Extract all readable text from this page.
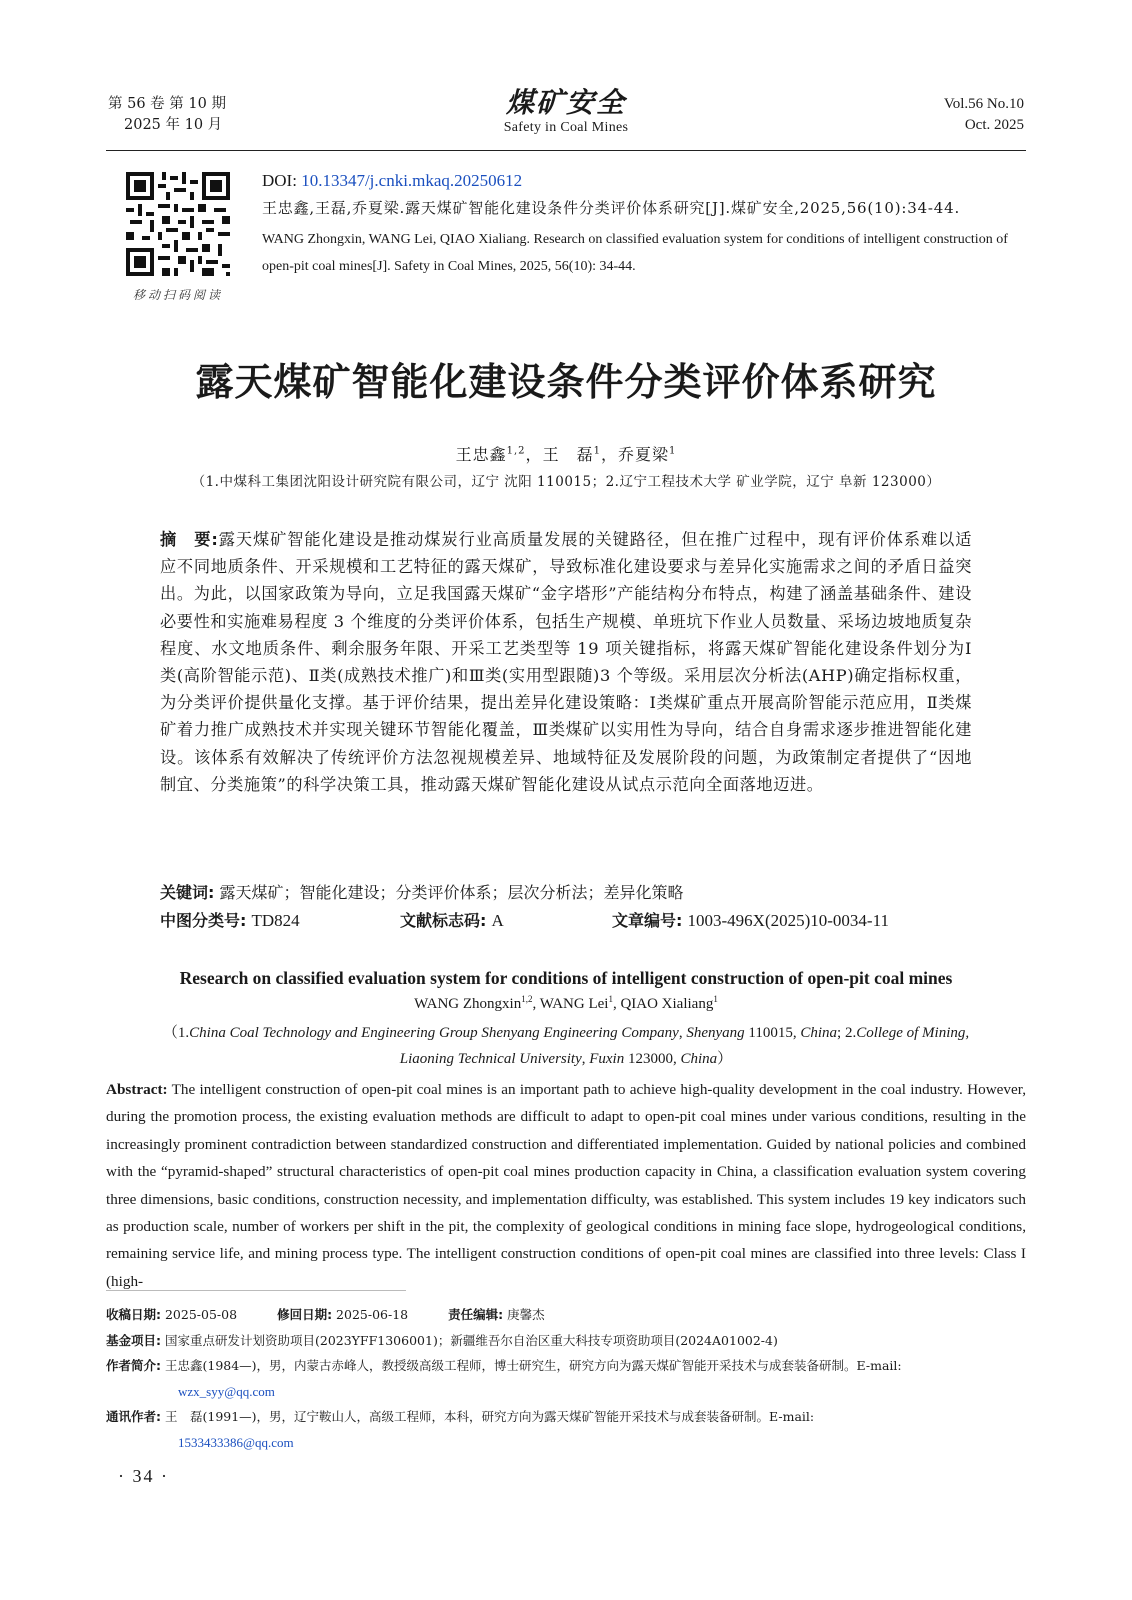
第 56 卷 第 10 期
2025 年 10 月
煤矿安全
Safety in Coal Mines
Vol.56 No.10
Oct. 2025
移动扫码阅读
DOI: 10.13347/j.cnki.mkaq.20250612
王忠鑫,王磊,乔夏梁.露天煤矿智能化建设条件分类评价体系研究[J].煤矿安全,2025,56(10):34-44.
WANG Zhongxin, WANG Lei, QIAO Xialiang. Research on classified evaluation system for conditions of intelligent construction of open-pit coal mines[J]. Safety in Coal Mines, 2025, 56(10): 34-44.
露天煤矿智能化建设条件分类评价体系研究
王忠鑫$^{1,2}$，王　磊$^1$，乔夏梁$^1$
（1.中煤科工集团沈阳设计研究院有限公司，辽宁 沈阳 110015；2.辽宁工程技术大学 矿业学院，辽宁 阜新 123000）
摘　要:露天煤矿智能化建设是推动煤炭行业高质量发展的关键路径，但在推广过程中，现有评价体系难以适应不同地质条件、开采规模和工艺特征的露天煤矿，导致标准化建设要求与差异化实施需求之间的矛盾日益突出。为此，以国家政策为导向，立足我国露天煤矿“金字塔形”产能结构分布特点，构建了涵盖基础条件、建设必要性和实施难易程度 3 个维度的分类评价体系，包括生产规模、单班坑下作业人员数量、采场边坡地质复杂程度、水文地质条件、剩余服务年限、开采工艺类型等 19 项关键指标，将露天煤矿智能化建设条件划分为Ⅰ类(高阶智能示范)、Ⅱ类(成熟技术推广)和Ⅲ类(实用型跟随)3 个等级。采用层次分析法(AHP)确定指标权重，为分类评价提供量化支撑。基于评价结果，提出差异化建设策略：Ⅰ类煤矿重点开展高阶智能示范应用，Ⅱ类煤矿着力推广成熟技术并实现关键环节智能化覆盖，Ⅲ类煤矿以实用性为导向，结合自身需求逐步推进智能化建设。该体系有效解决了传统评价方法忽视规模差异、地域特征及发展阶段的问题，为政策制定者提供了“因地制宜、分类施策”的科学决策工具，推动露天煤矿智能化建设从试点示范向全面落地迈进。
关键词: 露天煤矿；智能化建设；分类评价体系；层次分析法；差异化策略
中图分类号: TD824	文献标志码: A	文章编号: 1003-496X(2025)10-0034-11
Research on classified evaluation system for conditions of intelligent construction of open-pit coal mines
WANG Zhongxin$^{1,2}$, WANG Lei$^1$, QIAO Xialiang$^1$
（1.China Coal Technology and Engineering Group Shenyang Engineering Company, Shenyang 110015, China; 2.College of Mining,
Liaoning Technical University, Fuxin 123000, China）
Abstract: The intelligent construction of open-pit coal mines is an important path to achieve high-quality development in the coal industry. However, during the promotion process, the existing evaluation methods are difficult to adapt to open-pit coal mines under various conditions, resulting in the increasingly prominent contradiction between standardized construction and differentiated implementation. Guided by national policies and combined with the “pyramid-shaped” structural characteristics of open-pit coal mines production capacity in China, a classification evaluation system covering three dimensions, basic conditions, construction necessity, and implementation difficulty, was established. This system includes 19 key indicators such as production scale, number of workers per shift in the pit, the complexity of geological conditions in mining face slope, hydrogeological conditions, remaining service life, and mining process type. The intelligent construction conditions of open-pit coal mines are classified into three levels: Class I (high-
收稿日期:
2025-05-08	修回日期:
2025-06-18	责任编辑:
庚馨杰
基金项目:
国家重点研发计划资助项目(2023YFF1306001)；新疆维吾尔自治区重大科技专项资助项目(2024A01002-4)
作者简介:
王忠鑫(1984—)，男，内蒙古赤峰人，教授级高级工程师，博士研究生，研究方向为露天煤矿智能开采技术与成套装备研制。E-mail:
wzx_syy@qq.com
通讯作者:
王　磊(1991—)，男，辽宁鞍山人，高级工程师，本科，研究方向为露天煤矿智能开采技术与成套装备研制。E-mail:
1533433386@qq.com
· 34 ·
